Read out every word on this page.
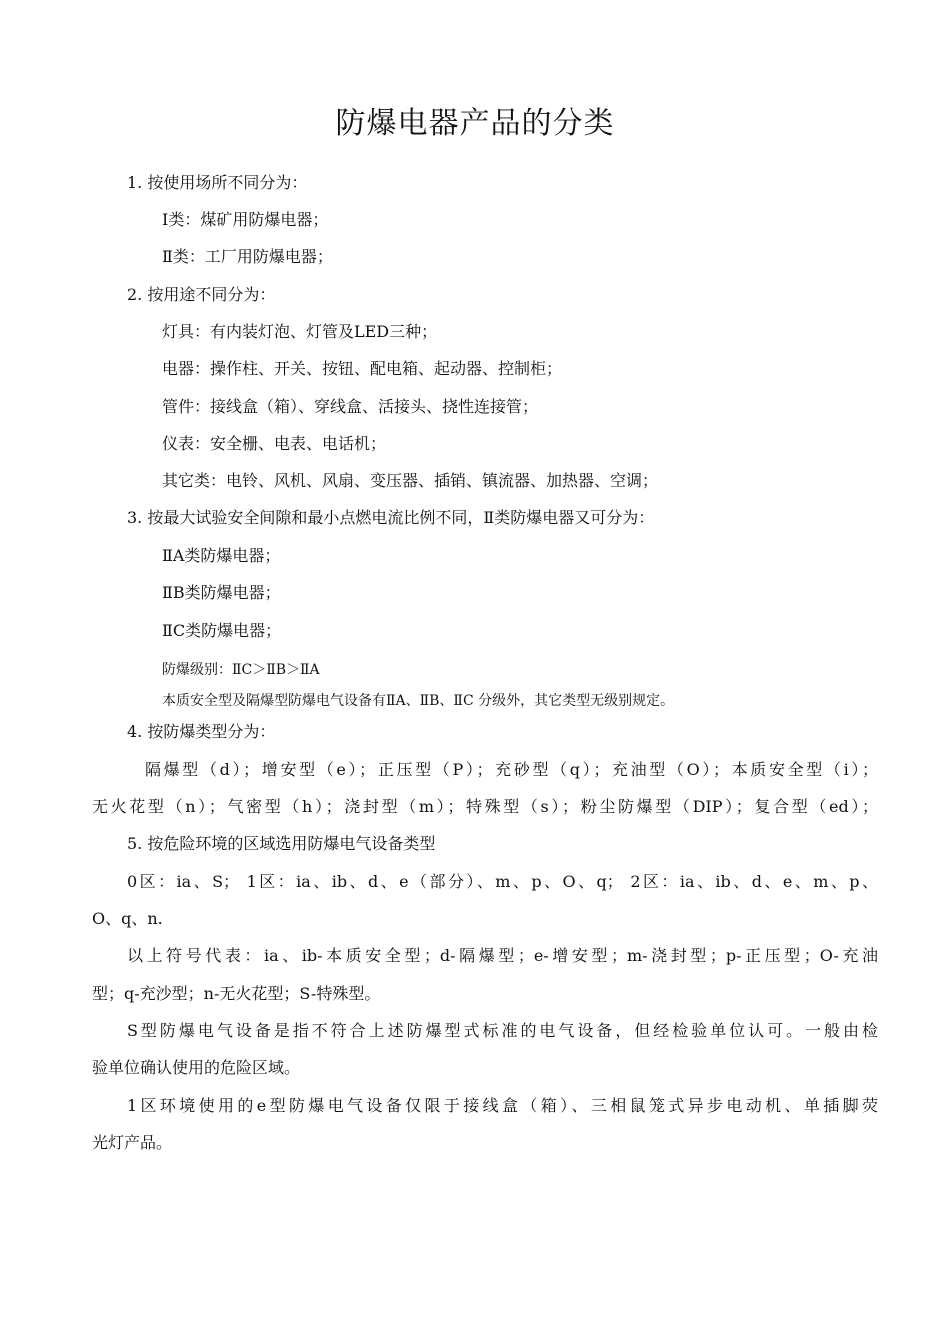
防爆电器产品的分类
1. 按使用场所不同分为：
Ⅰ类：煤矿用防爆电器；
Ⅱ类：工厂用防爆电器；
2. 按用途不同分为：
灯具：有内装灯泡、灯管及LED三种；
电器：操作柱、开关、按钮、配电箱、起动器、控制柜；
管件：接线盒（箱）、穿线盒、活接头、挠性连接管；
仪表：安全栅、电表、电话机；
其它类：电铃、风机、风扇、变压器、插销、镇流器、加热器、空调；
3. 按最大试验安全间隙和最小点燃电流比例不同，Ⅱ类防爆电器又可分为：
ⅡA类防爆电器；
ⅡB类防爆电器；
ⅡC类防爆电器；
防爆级别：ⅡC＞ⅡB＞ⅡA
本质安全型及隔爆型防爆电气设备有ⅡA、ⅡB、ⅡC 分级外，其它类型无级别规定。
4. 按防爆类型分为：
隔爆型（d）；增安型（e）；正压型（P）；充砂型（q）；充油型（O）；本质安全型（i）；
无火花型（n）；气密型（h）；浇封型（m）；特殊型（s）；粉尘防爆型（DIP）；复合型（ed）；
5. 按危险环境的区域选用防爆电气设备类型
0区：ia、S； 1区：ia、ib、d、e（部分）、m、p、O、q； 2区：ia、ib、d、e、m、p、
O、q、n.
以上符号代表：ia、ib-本质安全型；d-隔爆型；e-增安型；m-浇封型；p-正压型；O-充油
型；q-充沙型；n-无火花型；S-特殊型。
S型防爆电气设备是指不符合上述防爆型式标准的电气设备，但经检验单位认可。一般由检
验单位确认使用的危险区域。
1区环境使用的e型防爆电气设备仅限于接线盒（箱）、三相鼠笼式异步电动机、单插脚荧
光灯产品。
